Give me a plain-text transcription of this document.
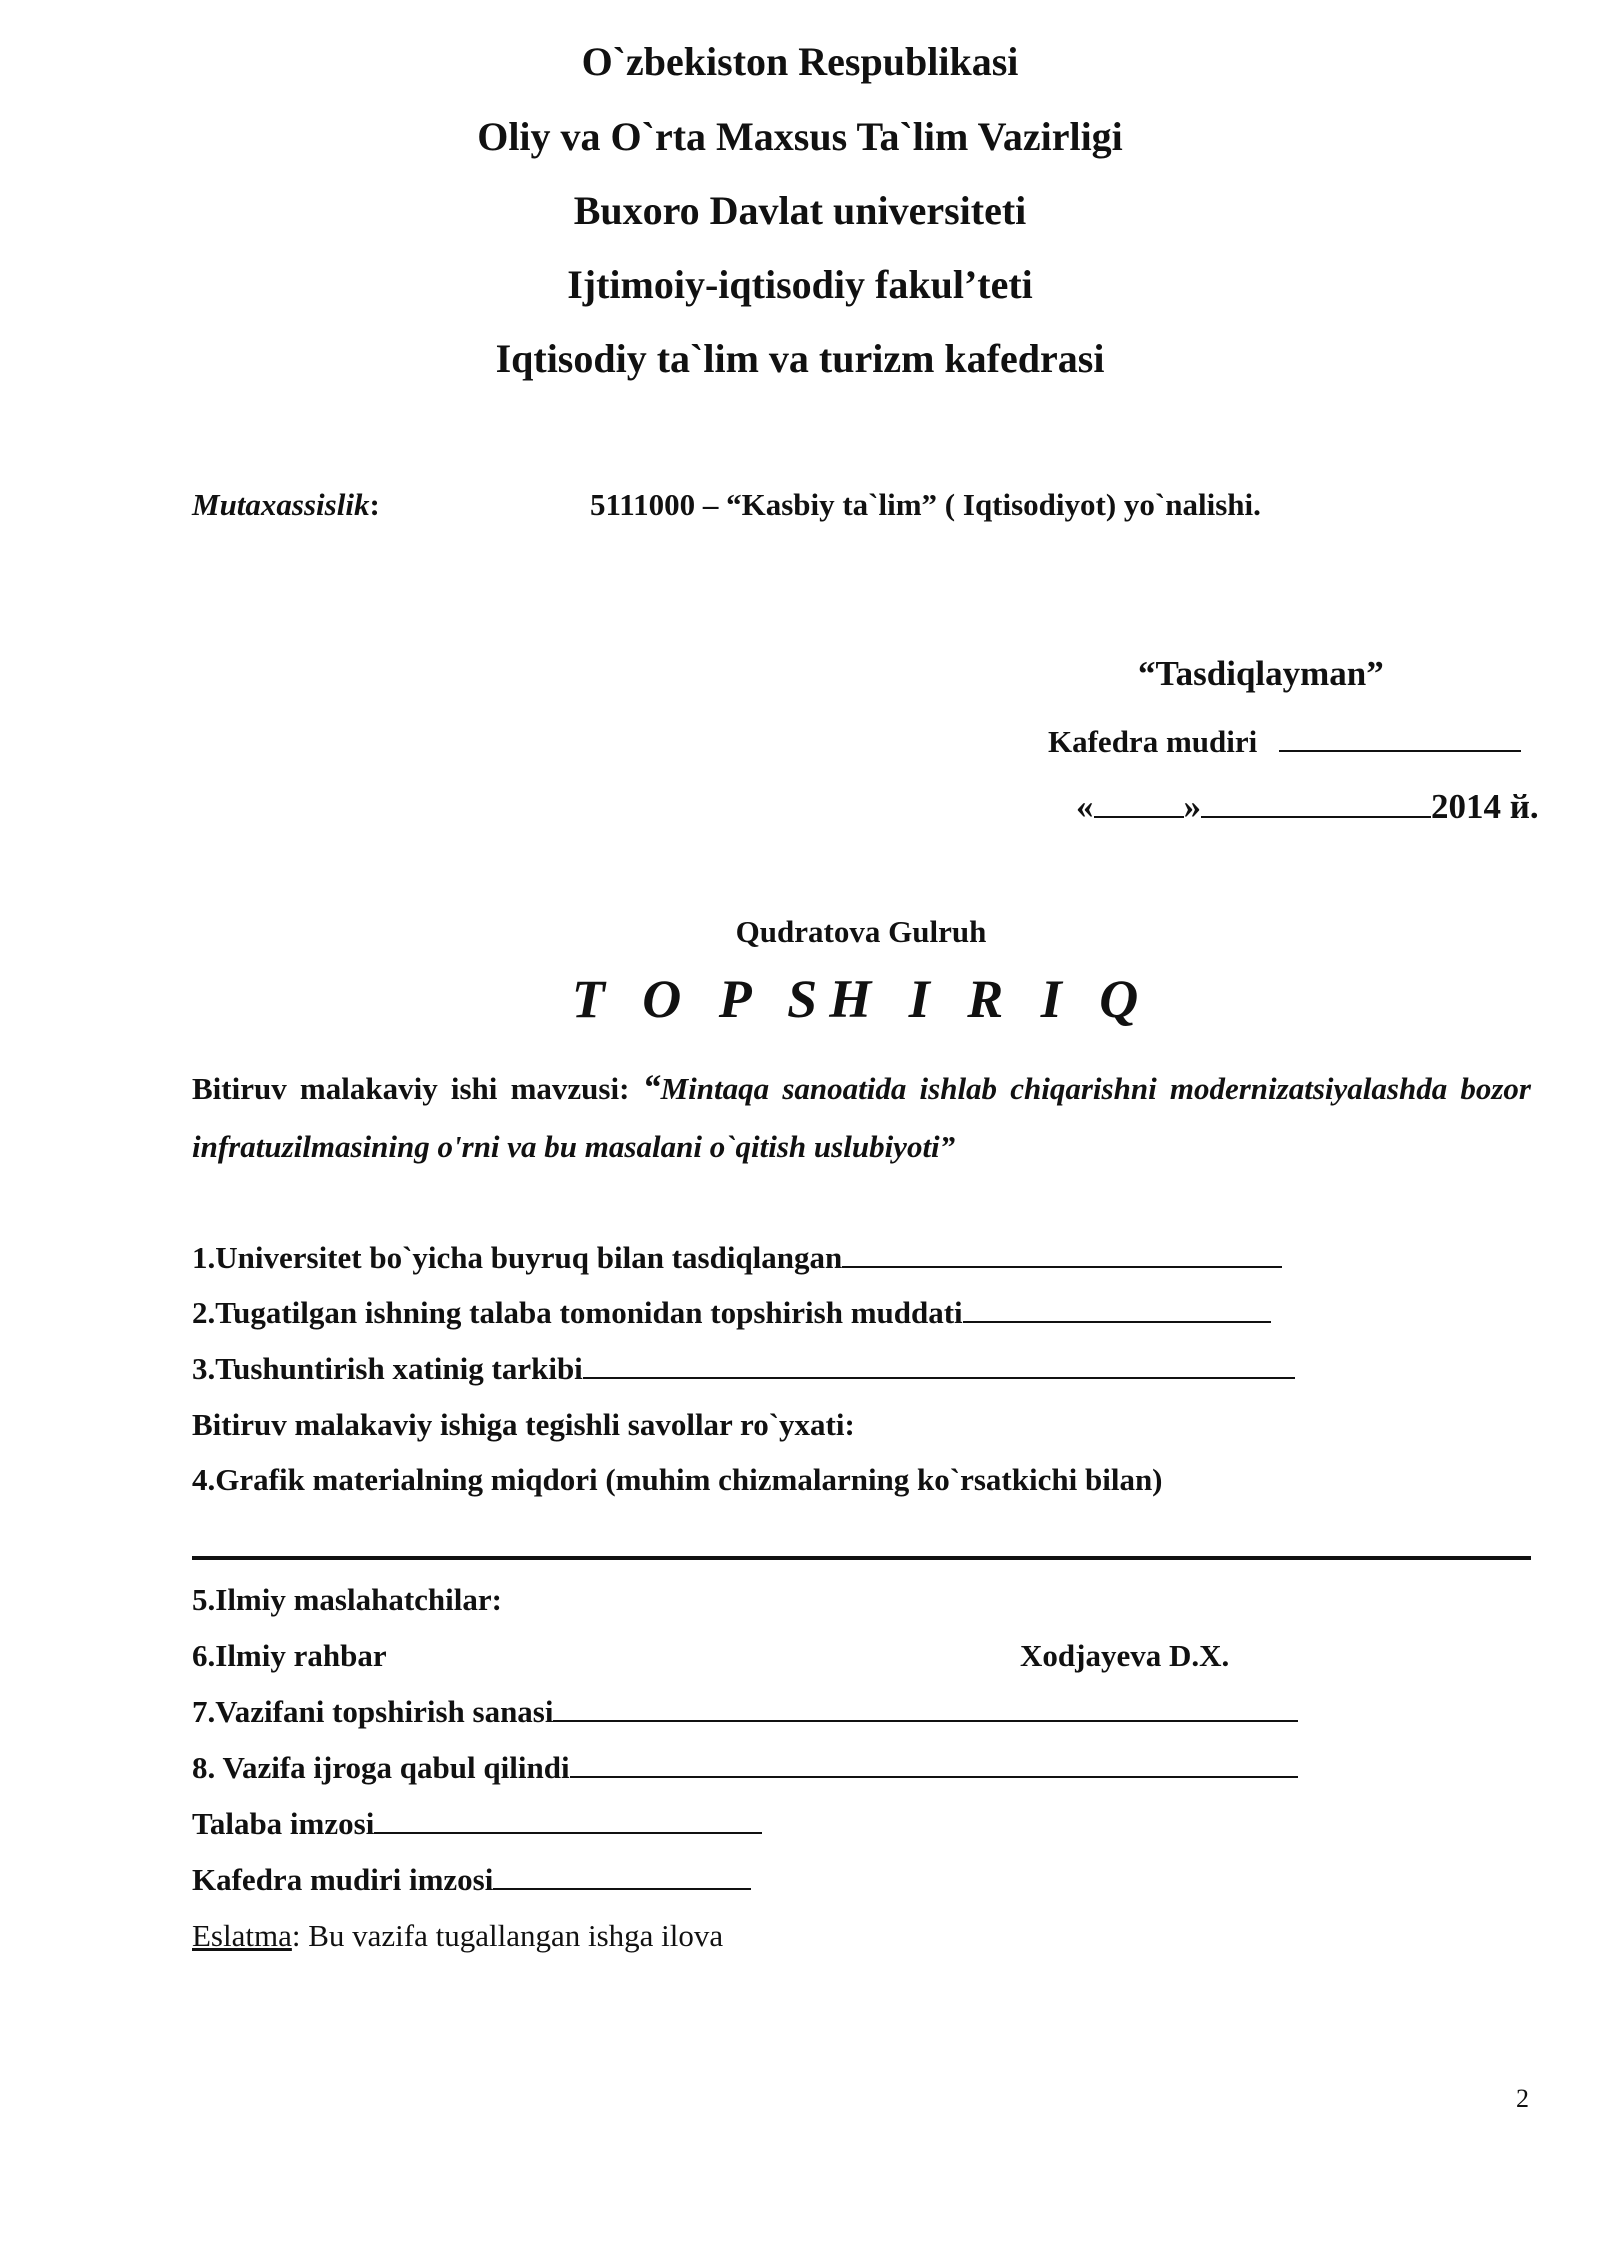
O`zbekiston Respublikasi
Oliy va O`rta Maxsus Ta`lim Vazirligi
Buxoro Davlat universiteti
Ijtimoiy-iqtisodiy fakul’teti
Iqtisodiy ta`lim va turizm kafedrasi
Mutaxassislik:	5111000 – “Kasbiy ta`lim” ( Iqtisodiyot) yo`nalishi.
“Tasdiqlayman”
Kafedra mudiri
«	»	2014 й.
Qudratova Gulruh
T O P SH I R I Q
Bitiruv malakaviy ishi mavzusi: “Mintaqa sanoatida ishlab chiqarishni modernizatsiyalashda bozor infratuzilmasining o'rni va bu masalani o`qitish uslubiyoti”
1.Universitet bo`yicha buyruq bilan tasdiqlangan
2.Tugatilgan ishning talaba tomonidan topshirish muddati
3.Tushuntirish xatinig tarkibi
Bitiruv malakaviy ishiga tegishli savollar ro`yxati:
4.Grafik materialning miqdori (muhim chizmalarning ko`rsatkichi bilan)
5.Ilmiy maslahatchilar:
6.Ilmiy rahbar	Xodjayeva D.X.
7.Vazifani topshirish sanasi
8. Vazifa ijroga qabul qilindi
Talaba imzosi
Kafedra mudiri imzosi
Eslatma: Bu vazifa tugallangan ishga ilova
2
